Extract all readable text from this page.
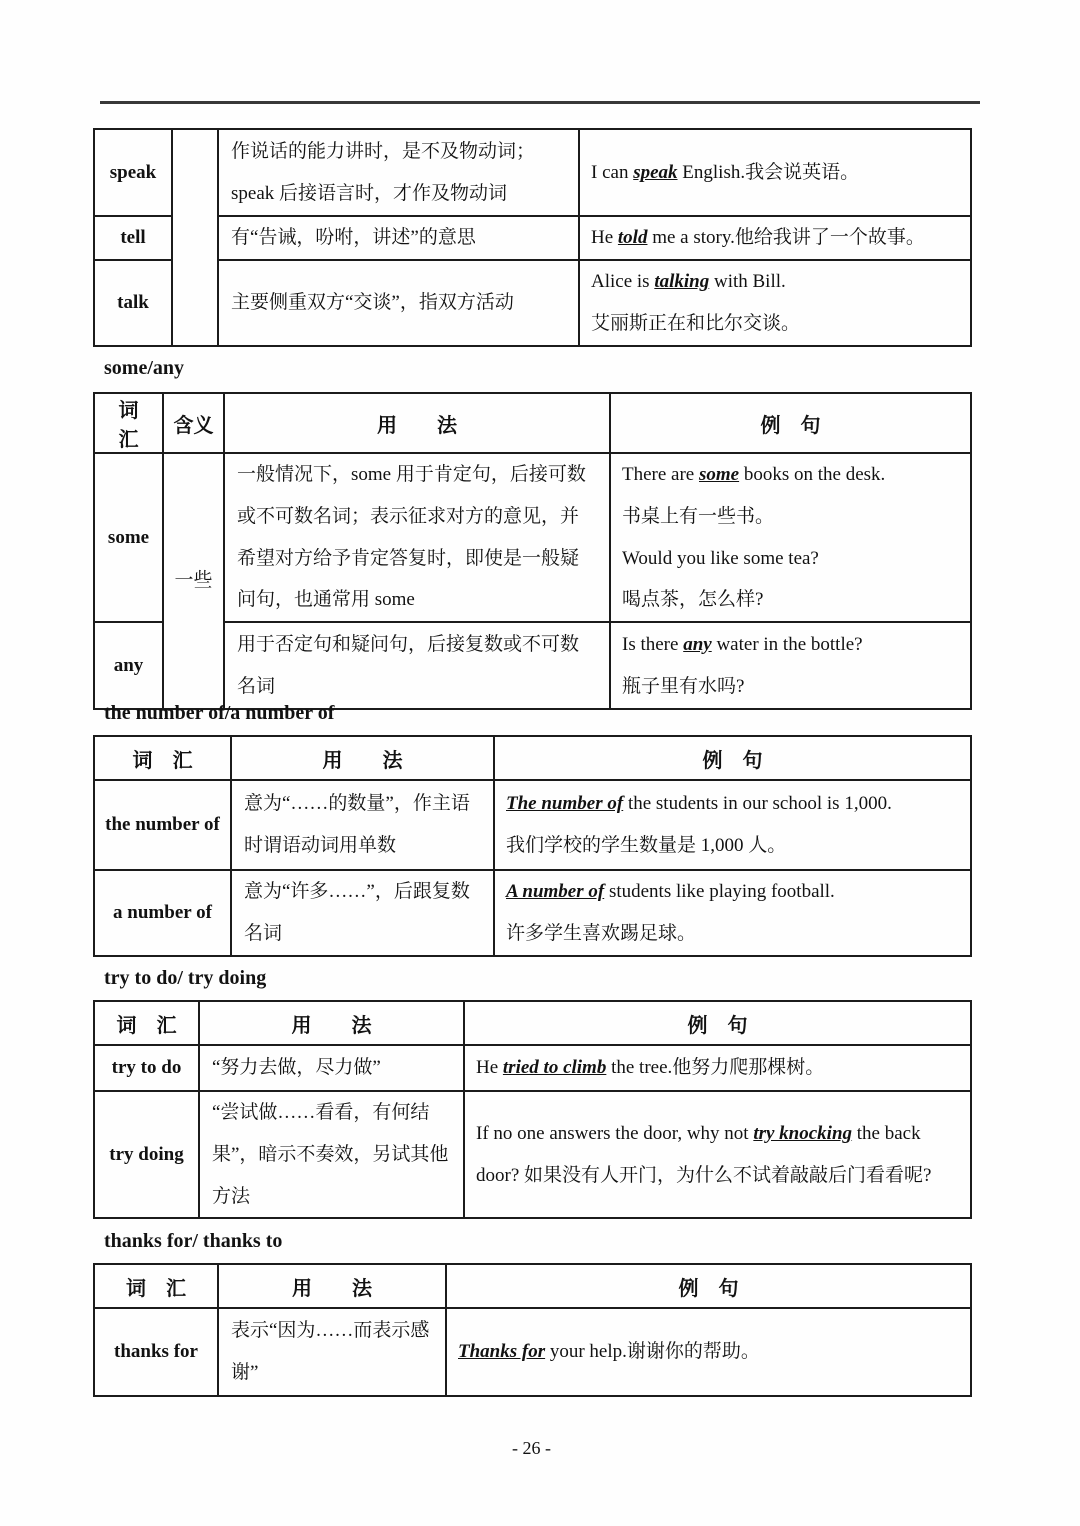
speak		作说话的能力讲时，是不及物动词；speak 后接语言时，才作及物动词	I can speak English.我会说英语。

tell		有“告诫，吩咐，讲述”的意思	He told me a story.他给我讲了一个故事。

talk		主要侧重双方“交谈”，指双方活动	Alice is talking with Bill.
艾丽斯正在和比尔交谈。
some/any
词　汇	含义	用　　法	例　句
some	一些	一般情况下，some 用于肯定句，后接可数或不可数名词；表示征求对方的意见，并希望对方给予肯定答复时，即使是一般疑问句，也通常用 some	There are some books on the desk.
书桌上有一些书。
Would you like some tea?
喝点茶，怎么样?

any		用于否定句和疑问句，后接复数或不可数名词	Is there any water in the bottle?
瓶子里有水吗?
the number of/a number of
词　汇	用　　法	例　句
the number of	意为“……的数量”，作主语时谓语动词用单数	The number of the students in our school is 1,000.
我们学校的学生数量是 1,000 人。

a number of	意为“许多……”，后跟复数名词	A number of students like playing football.
许多学生喜欢踢足球。
try to do/ try doing
词　汇	用　　法	例　句
try to do	“努力去做，尽力做”	He tried to climb the tree.他努力爬那棵树。

try doing	“尝试做……看看，有何结果”，暗示不奏效，另试其他方法	If no one answers the door, why not try knocking the back door? 如果没有人开门，为什么不试着敲敲后门看看呢?
thanks for/ thanks to
词　汇	用　　法	例　句
thanks for	表示“因为……而表示感谢”	Thanks for your help.谢谢你的帮助。
- 26 -
